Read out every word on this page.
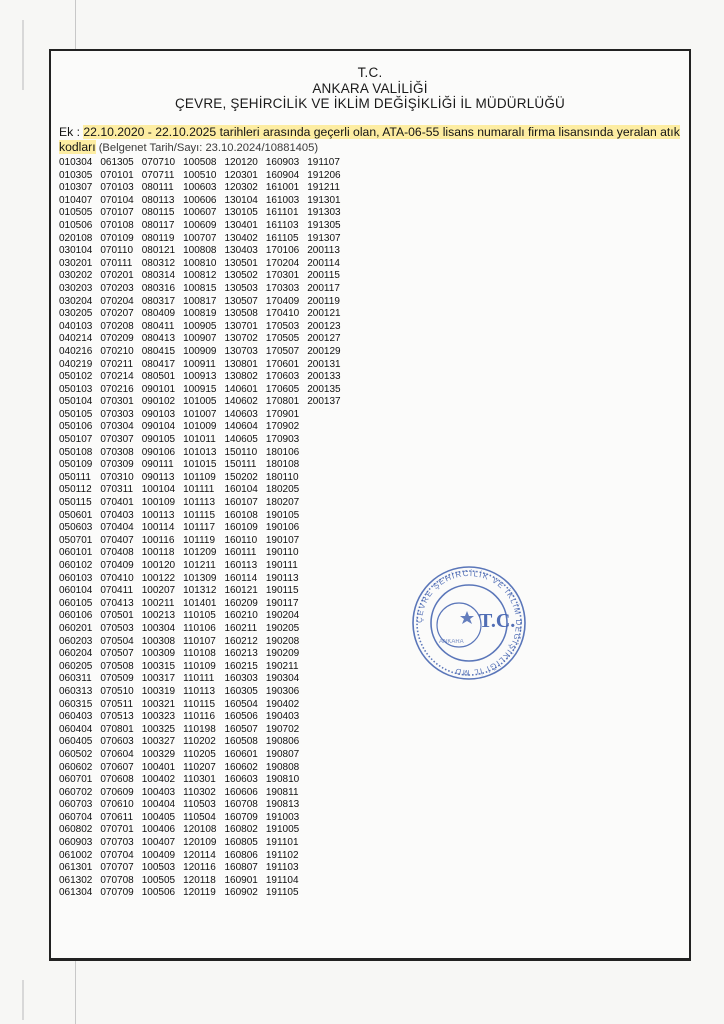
T.C.
ANKARA VALİLİĞİ
ÇEVRE, ŞEHİRCİLİK VE İKLİM DEĞİŞİKLİĞİ İL MÜDÜRLÜĞÜ
Ek : 22.10.2020 - 22.10.2025 tarihleri arasında geçerli olan, ATA-06-55 lisans numaralı firma lisansında yeralan atık kodları (Belgenet Tarih/Sayı: 23.10.2024/10881405)
010304	061305	070710	100508	120120	160903	191107
010305	070101	070711	100510	120301	160904	191206
010307	070103	080111	100603	120302	161001	191211
010407	070104	080113	100606	130104	161003	191301
010505	070107	080115	100607	130105	161101	191303
010506	070108	080117	100609	130401	161103	191305
020108	070109	080119	100707	130402	161105	191307
030104	070110	080121	100808	130403	170106	200113
030201	070111	080312	100810	130501	170204	200114
030202	070201	080314	100812	130502	170301	200115
030203	070203	080316	100815	130503	170303	200117
030204	070204	080317	100817	130507	170409	200119
030205	070207	080409	100819	130508	170410	200121
040103	070208	080411	100905	130701	170503	200123
040214	070209	080413	100907	130702	170505	200127
040216	070210	080415	100909	130703	170507	200129
040219	070211	080417	100911	130801	170601	200131
050102	070214	080501	100913	130802	170603	200133
050103	070216	090101	100915	140601	170605	200135
050104	070301	090102	101005	140602	170801	200137
050105	070303	090103	101007	140603	170901	
050106	070304	090104	101009	140604	170902	
050107	070307	090105	101011	140605	170903	
050108	070308	090106	101013	150110	180106	
050109	070309	090111	101015	150111	180108	
050111	070310	090113	101109	150202	180110	
050112	070311	100104	101111	160104	180205	
050115	070401	100109	101113	160107	180207	
050601	070403	100113	101115	160108	190105	
050603	070404	100114	101117	160109	190106	
050701	070407	100116	101119	160110	190107	
060101	070408	100118	101209	160111	190110	
060102	070409	100120	101211	160113	190111	
060103	070410	100122	101309	160114	190113	
060104	070411	100207	101312	160121	190115	
060105	070413	100211	101401	160209	190117	
060106	070501	100213	110105	160210	190204	
060201	070503	100304	110106	160211	190205	
060203	070504	100308	110107	160212	190208	
060204	070507	100309	110108	160213	190209	
060205	070508	100315	110109	160215	190211	
060311	070509	100317	110111	160303	190304	
060313	070510	100319	110113	160305	190306	
060315	070511	100321	110115	160504	190402	
060403	070513	100323	110116	160506	190403	
060404	070801	100325	110198	160507	190702	
060405	070603	100327	110202	160508	190806	
060502	070604	100329	110205	160601	190807	
060602	070607	100401	110207	160602	190808	
060701	070608	100402	110301	160603	190810	
060702	070609	100403	110302	160606	190811	
060703	070610	100404	110503	160708	190813	
060704	070611	100405	110504	160709	191003	
060802	070701	100406	120108	160802	191005	
060903	070703	100407	120109	160805	191101	
061002	070704	100409	120114	160806	191102	
061301	070707	100503	120116	160807	191103	
061302	070708	100505	120118	160901	191104	
061304	070709	100506	120119	160902	191105	
ÇEVRE ŞEHİRCİLİK VE İKLİM DEĞİŞİKLİĞİ İL MD
T.C.
ANKARA
